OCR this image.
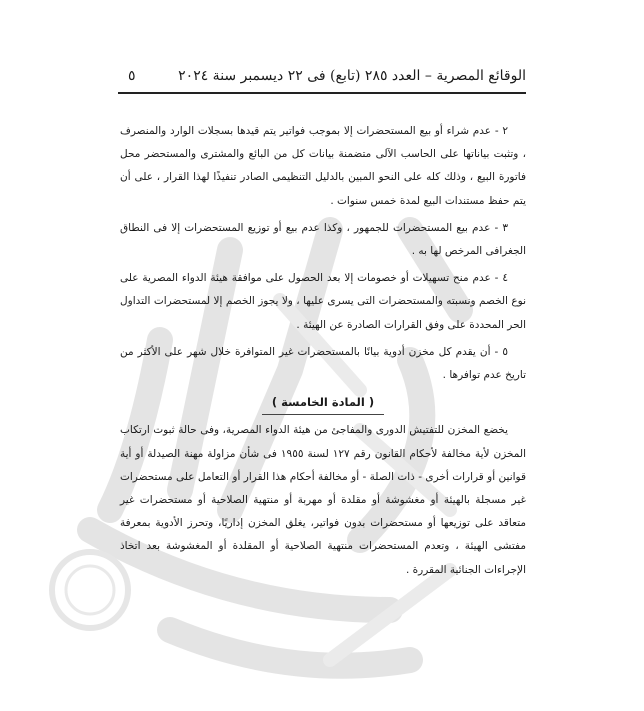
الوقائع المصرية – العدد ٢٨٥ (تابع) فى ٢٢ ديسمبر سنة ٢٠٢٤
٥

٢ - عدم شراء أو بيع المستحضرات إلا بموجب فواتير يتم قيدها بسجلات الوارد والمنصرف ، وتثبت بياناتها على الحاسب الآلى متضمنة بيانات كل من البائع والمشترى والمستحضر محل فاتورة البيع ، وذلك كله على النحو المبين بالدليل التنظيمى الصادر تنفيذًا لهذا القرار ، على أن يتم حفظ مستندات البيع لمدة خمس سنوات .

٣ - عدم بيع المستحضرات للجمهور ، وكذا عدم بيع أو توزيع المستحضرات إلا فى النطاق الجغرافى المرخص لها به .

٤ - عدم منح تسهيلات أو خصومات إلا بعد الحصول على موافقة هيئة الدواء المصرية على نوع الخصم ونسبته والمستحضرات التى يسرى عليها ، ولا يجوز الخصم إلا لمستحضرات التداول الحر المحددة على وفق القرارات الصادرة عن الهيئة .

٥ - أن يقدم كل مخزن أدوية بيانًا بالمستحضرات غير المتوافرة خلال شهر على الأكثر من تاريخ عدم توافرها .

( المادة الخامسة )

يخضع المخزن للتفتيش الدورى والمفاجئ من هيئة الدواء المصرية، وفى حالة ثبوت ارتكاب المخزن لأية مخالفة لأحكام القانون رقم ١٢٧ لسنة ١٩٥٥ فى شأن مزاولة مهنة الصيدلة أو أية قوانين أو قرارات أخرى - ذات الصلة - أو مخالفة أحكام هذا القرار أو التعامل على مستحضرات غير مسجلة بالهيئة أو مغشوشة أو مقلدة أو مهربة أو منتهية الصلاحية أو مستحضرات غير متعاقد على توزيعها أو مستحضرات بدون فواتير، يغلق المخزن إداريًا، وتحرز الأدوية بمعرفة مفتشى الهيئة ، وتعدم المستحضرات منتهية الصلاحية أو المقلدة أو المغشوشة بعد اتخاذ الإجراءات الجنائية المقررة .
